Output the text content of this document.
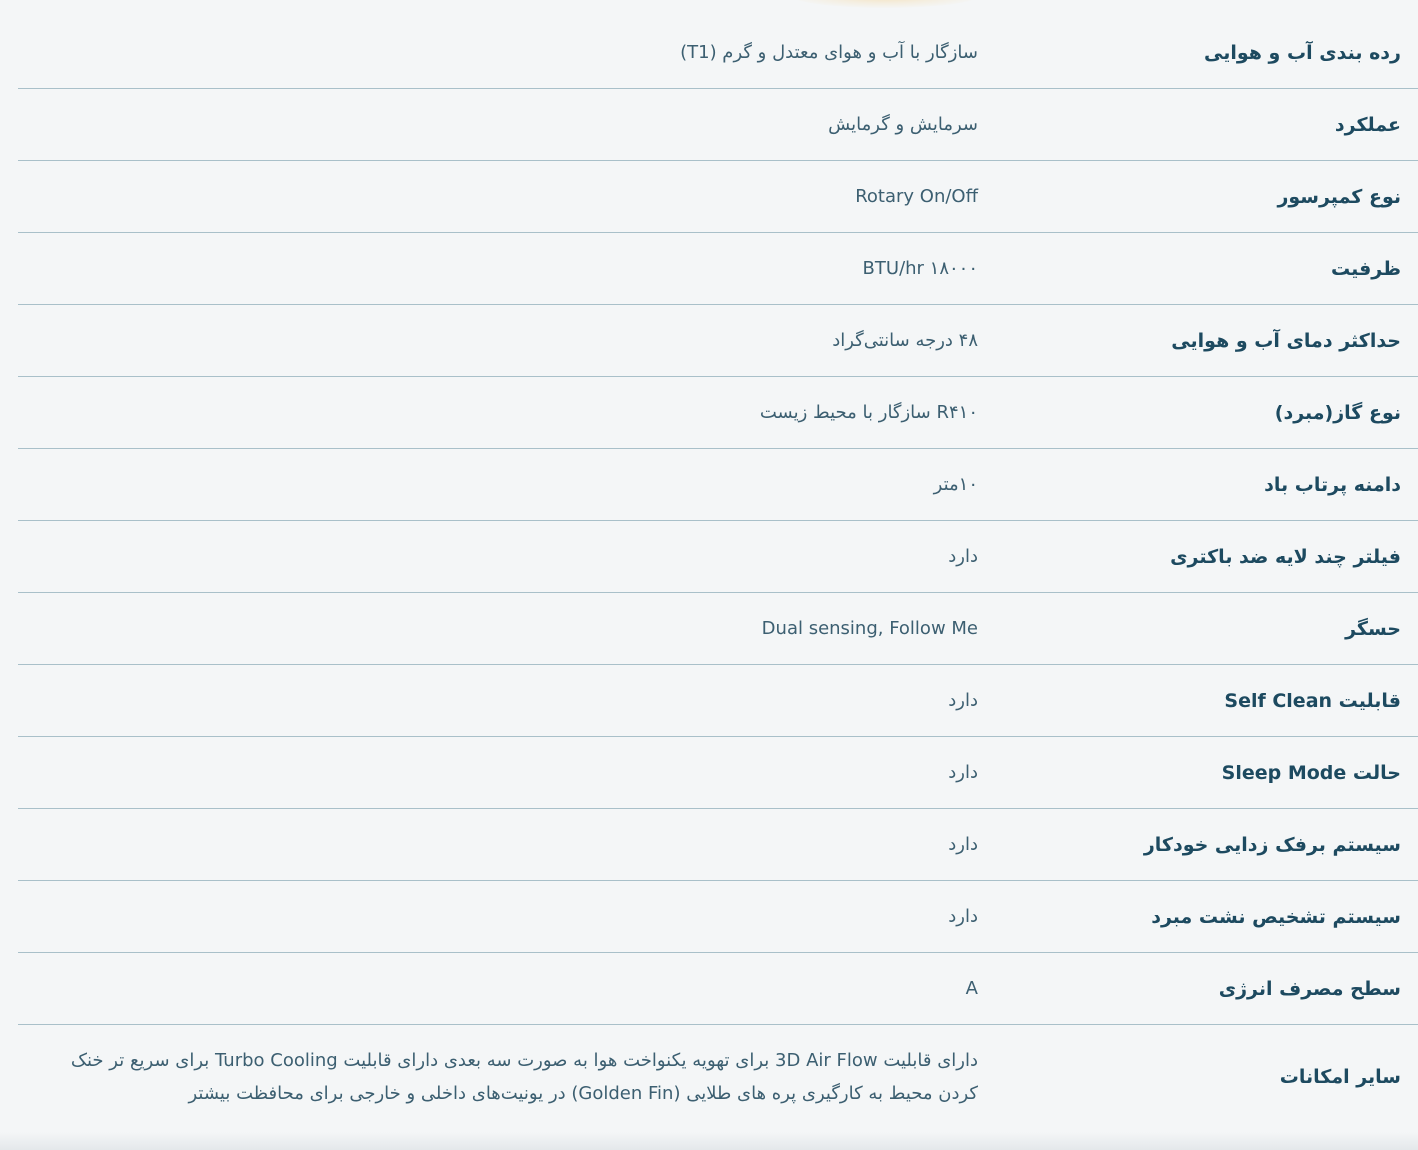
رده بندی آب و هوایی
سازگار با آب و هوای معتدل و گرم (T1)
عملکرد
سرمایش و گرمایش
نوع کمپرسور
Rotary On/Off
ظرفیت
BTU/hr ۱۸۰۰۰
حداکثر دمای آب و هوایی
۴۸ درجه سانتی‌گراد
نوع گاز(مبرد)
R۴۱۰ سازگار با محیط زیست
دامنه پرتاب باد
۱۰متر
فیلتر چند لایه ضد باکتری
دارد
حسگر
Dual sensing, Follow Me
قابلیت Self Clean
دارد
حالت Sleep Mode
دارد
سیستم برفک زدایی خودکار
دارد
سیستم تشخیص نشت مبرد
دارد
سطح مصرف انرژی
A
سایر امکانات
دارای قابلیت 3D Air Flow برای تهویه یکنواخت هوا به صورت سه بعدی دارای قابلیت Turbo Cooling برای سریع تر خنک کردن محیط به کارگیری پره های طلایی (Golden Fin) در یونیت‌های داخلی و خارجی برای محافظت بیشتر
